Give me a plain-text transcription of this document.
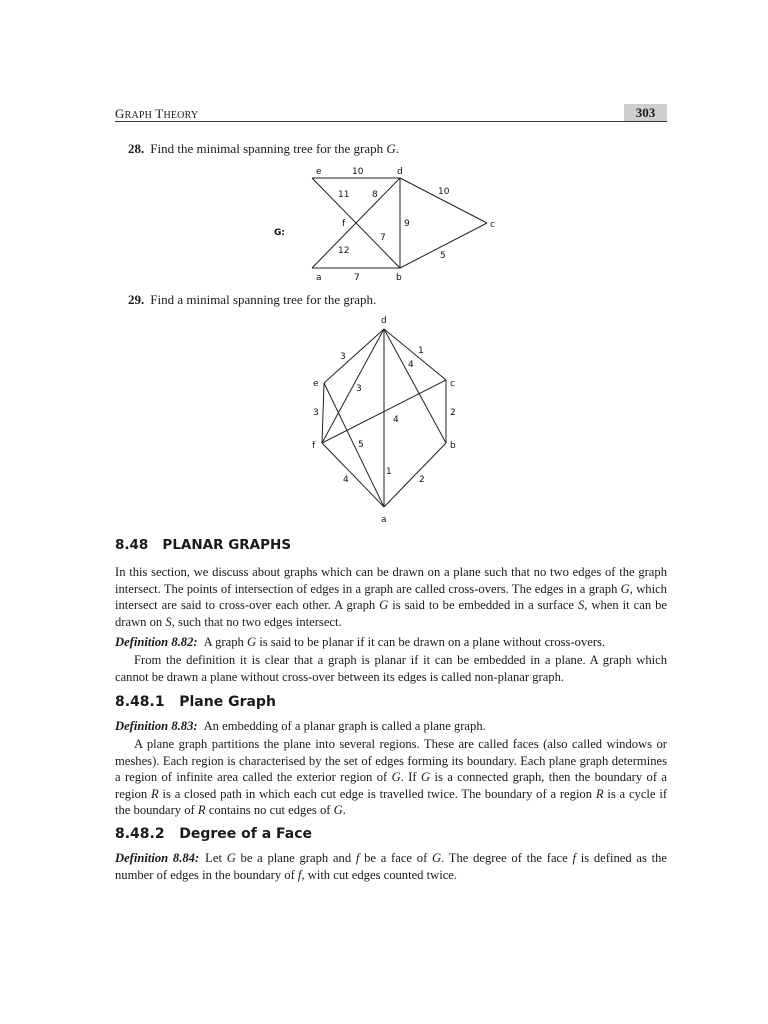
GRAPH THEORY	303
28. Find the minimal spanning tree for the graph G.
G:
e	d
f
a	b
c
10
10
11	8
9
7
12
7
5
29. Find a minimal spanning tree for the graph.
d
e	c
f	b
a
3
1
4
3
3	2
4
5
1
4	2
8.48 PLANAR GRAPHS

In this section, we discuss about graphs which can be drawn on a plane such that no two edges of the graph intersect. The points of intersection of edges in a graph are called cross-overs. The edges in a graph G, which intersect are said to cross-over each other. A graph G is said to be embedded in a surface S, when it can be drawn on S, such that no two edges intersect.

Definition 8.82: A graph G is said to be planar if it can be drawn on a plane without cross-overs.

From the definition it is clear that a graph is planar if it can be embedded in a plane. A graph which cannot be drawn a plane without cross-over between its edges is called non-planar graph.

8.48.1 Plane Graph

Definition 8.83: An embedding of a planar graph is called a plane graph.

A plane graph partitions the plane into several regions. These are called faces (also called windows or meshes). Each region is characterised by the set of edges forming its boundary. Each plane graph determines a region of infinite area called the exterior region of G. If G is a connected graph, then the boundary of a region R is a closed path in which each cut edge is travelled twice. The boundary of a region R is a cycle if the boundary of R contains no cut edges of G.

8.48.2 Degree of a Face

Definition 8.84: Let G be a plane graph and f be a face of G. The degree of the face f is defined as the number of edges in the boundary of f, with cut edges counted twice.
